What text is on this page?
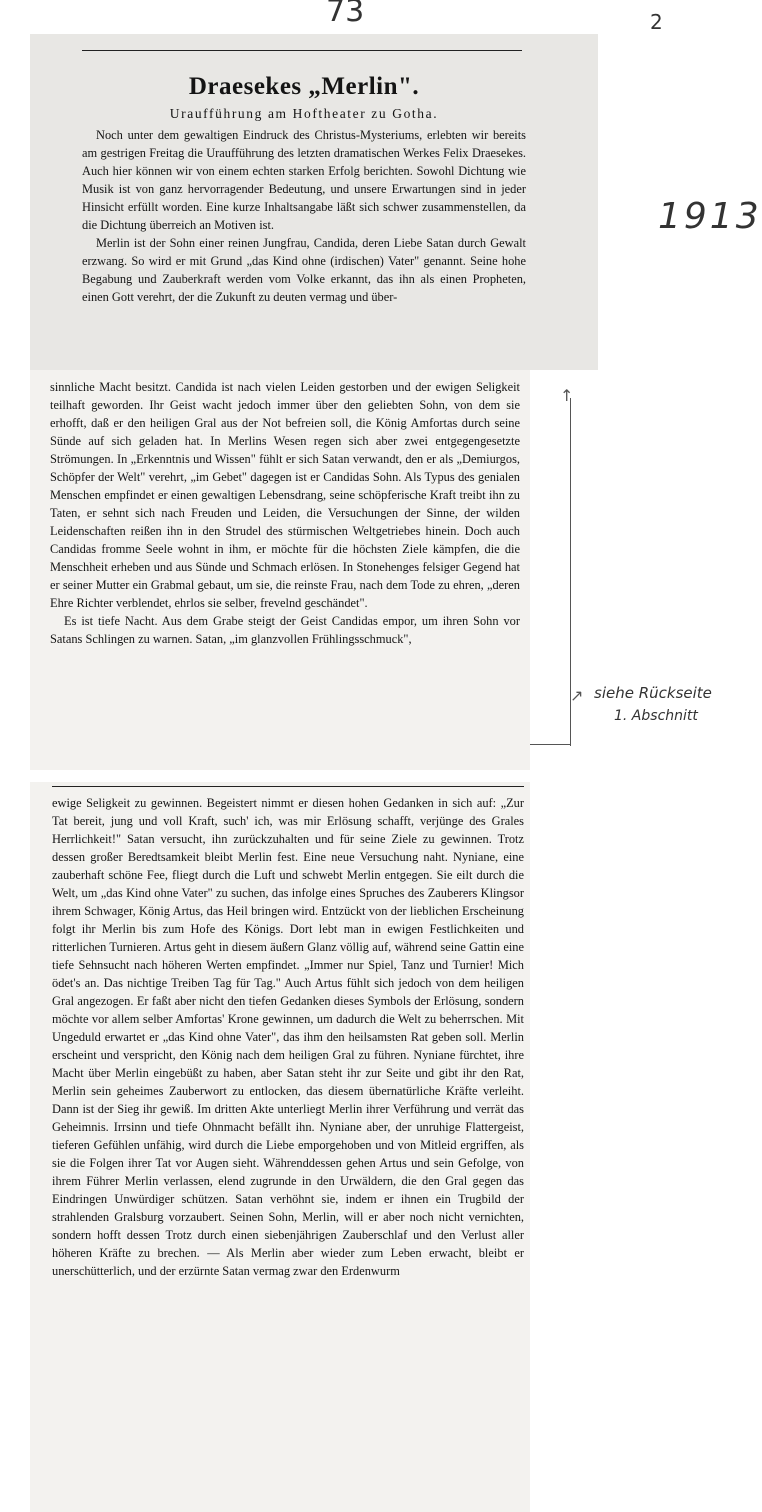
73	2
1913
Draesekes „Merlin".
Uraufführung am Hoftheater zu Gotha.

Noch unter dem gewaltigen Eindruck des Christus-Mysteriums, erlebten wir bereits am gestrigen Freitag die Uraufführung des letzten dramatischen Werkes Felix Draesekes. Auch hier können wir von einem echten starken Erfolg berichten. Sowohl Dichtung wie Musik ist von ganz hervorragender Bedeutung, und unsere Erwartungen sind in jeder Hinsicht erfüllt worden. Eine kurze Inhaltsangabe läßt sich schwer zusammenstellen, da die Dichtung überreich an Motiven ist.

Merlin ist der Sohn einer reinen Jungfrau, Candida, deren Liebe Satan durch Gewalt erzwang. So wird er mit Grund „das Kind ohne (irdischen) Vater" genannt. Seine hohe Begabung und Zauberkraft werden vom Volke erkannt, das ihn als einen Propheten, einen Gott verehrt, der die Zukunft zu deuten vermag und über-

sinnliche Macht besitzt. Candida ist nach vielen Leiden gestorben und der ewigen Seligkeit teilhaft geworden. Ihr Geist wacht jedoch immer über den geliebten Sohn, von dem sie erhofft, daß er den heiligen Gral aus der Not befreien soll, die König Amfortas durch seine Sünde auf sich geladen hat. In Merlins Wesen regen sich aber zwei entgegengesetzte Strömungen. In „Erkenntnis und Wissen" fühlt er sich Satan verwandt, den er als „Demiurgos, Schöpfer der Welt" verehrt, „im Gebet" dagegen ist er Candidas Sohn. Als Typus des genialen Menschen empfindet er einen gewaltigen Lebensdrang, seine schöpferische Kraft treibt ihn zu Taten, er sehnt sich nach Freuden und Leiden, die Versuchungen der Sinne, der wilden Leidenschaften reißen ihn in den Strudel des stürmischen Weltgetriebes hinein. Doch auch Candidas fromme Seele wohnt in ihm, er möchte für die höchsten Ziele kämpfen, die die Menschheit erheben und aus Sünde und Schmach erlösen. In Stonehenges felsiger Gegend hat er seiner Mutter ein Grabmal gebaut, um sie, die reinste Frau, nach dem Tode zu ehren, „deren Ehre Richter verblendet, ehrlos sie selber, frevelnd geschändet".

Es ist tiefe Nacht. Aus dem Grabe steigt der Geist Candidas empor, um ihren Sohn vor Satans Schlingen zu warnen. Satan, „im glanzvollen Frühlingsschmuck",

↑
↗ siehe Rückseite
1. Abschnitt

ewige Seligkeit zu gewinnen. Begeistert nimmt er diesen hohen Gedanken in sich auf: „Zur Tat bereit, jung und voll Kraft, such' ich, was mir Erlösung schafft, verjünge des Grales Herrlichkeit!" Satan versucht, ihn zurückzuhalten und für seine Ziele zu gewinnen. Trotz dessen großer Beredtsamkeit bleibt Merlin fest. Eine neue Versuchung naht. Nyniane, eine zauberhaft schöne Fee, fliegt durch die Luft und schwebt Merlin entgegen. Sie eilt durch die Welt, um „das Kind ohne Vater" zu suchen, das infolge eines Spruches des Zauberers Klingsor ihrem Schwager, König Artus, das Heil bringen wird. Entzückt von der lieblichen Erscheinung folgt ihr Merlin bis zum Hofe des Königs. Dort lebt man in ewigen Festlichkeiten und ritterlichen Turnieren. Artus geht in diesem äußern Glanz völlig auf, während seine Gattin eine tiefe Sehnsucht nach höheren Werten empfindet. „Immer nur Spiel, Tanz und Turnier! Mich ödet's an. Das nichtige Treiben Tag für Tag." Auch Artus fühlt sich jedoch von dem heiligen Gral angezogen. Er faßt aber nicht den tiefen Gedanken dieses Symbols der Erlösung, sondern möchte vor allem selber Amfortas' Krone gewinnen, um dadurch die Welt zu beherrschen. Mit Ungeduld erwartet er „das Kind ohne Vater", das ihm den heilsamsten Rat geben soll. Merlin erscheint und verspricht, den König nach dem heiligen Gral zu führen. Nyniane fürchtet, ihre Macht über Merlin eingebüßt zu haben, aber Satan steht ihr zur Seite und gibt ihr den Rat, Merlin sein geheimes Zauberwort zu entlocken, das diesem übernatürliche Kräfte verleiht. Dann ist der Sieg ihr gewiß. Im dritten Akte unterliegt Merlin ihrer Verführung und verrät das Geheimnis. Irrsinn und tiefe Ohnmacht befällt ihn. Nyniane aber, der unruhige Flattergeist, tieferen Gefühlen unfähig, wird durch die Liebe emporgehoben und von Mitleid ergriffen, als sie die Folgen ihrer Tat vor Augen sieht. Währenddessen gehen Artus und sein Gefolge, von ihrem Führer Merlin verlassen, elend zugrunde in den Urwäldern, die den Gral gegen das Eindringen Unwürdiger schützen. Satan verhöhnt sie, indem er ihnen ein Trugbild der strahlenden Gralsburg vorzaubert. Seinen Sohn, Merlin, will er aber noch nicht vernichten, sondern hofft dessen Trotz durch einen siebenjährigen Zauberschlaf und den Verlust aller höheren Kräfte zu brechen. — Als Merlin aber wieder zum Leben erwacht, bleibt er unerschütterlich, und der erzürnte Satan vermag zwar den Erdenwurm
